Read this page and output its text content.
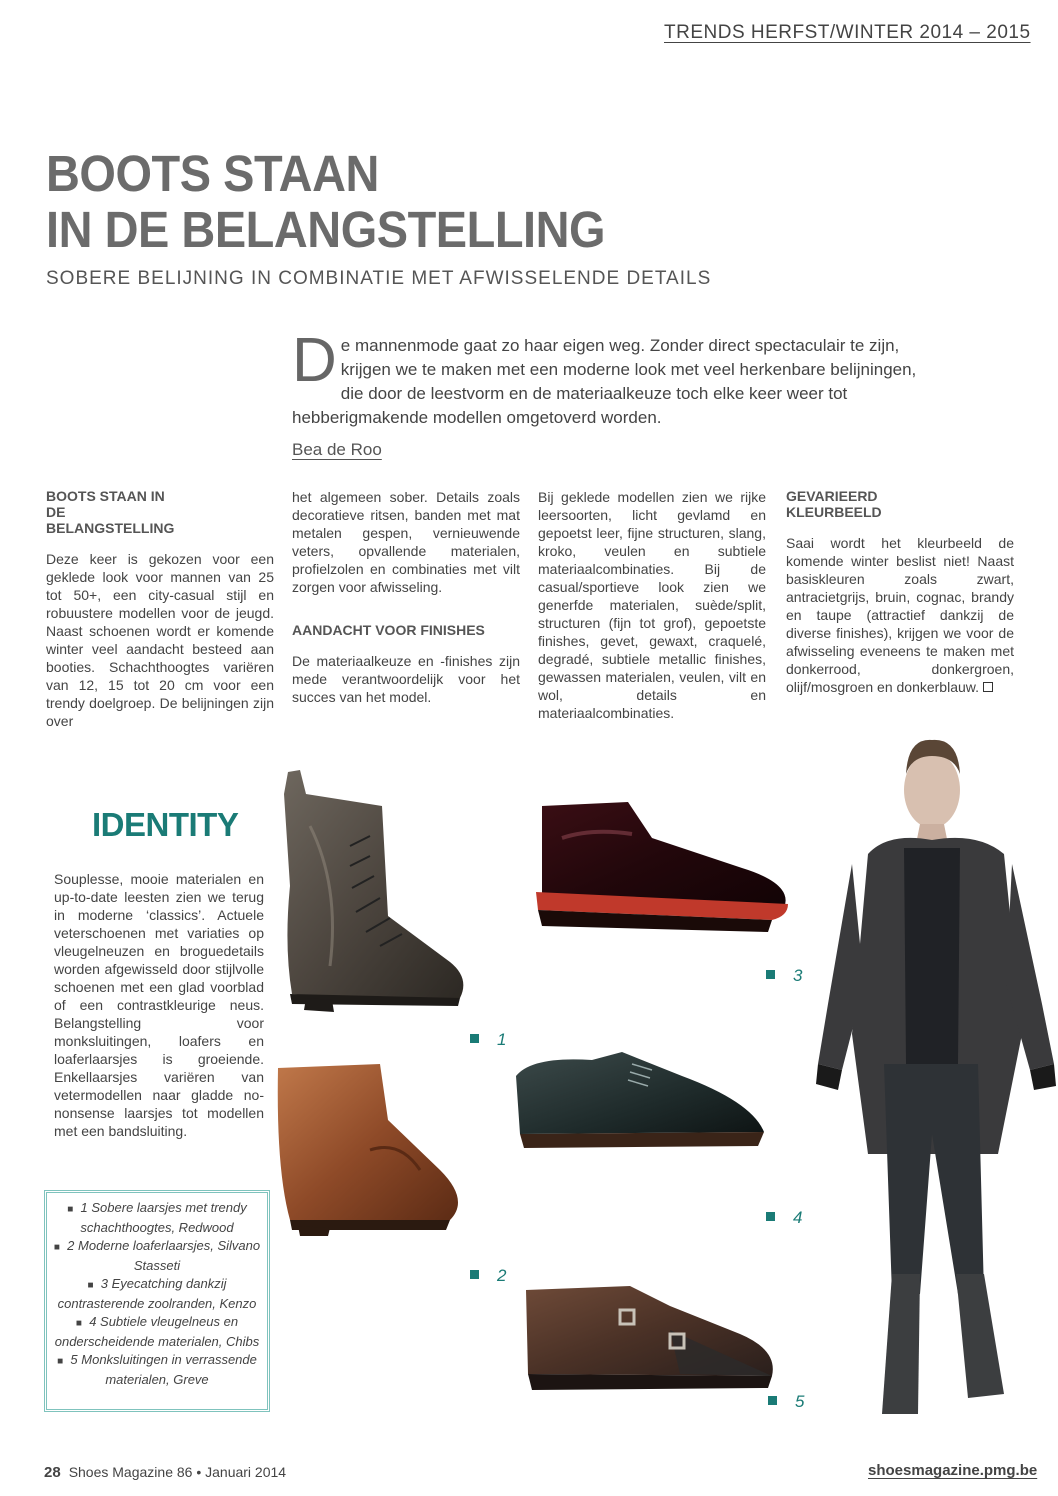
TRENDS HERFST/WINTER 2014 – 2015
BOOTS STAAN
IN DE BELANGSTELLING
SOBERE BELIJNING IN COMBINATIE MET AFWISSELENDE DETAILS
D e mannenmode gaat zo haar eigen weg. Zonder direct spectaculair te zijn, krijgen we te maken met een moderne look met veel herkenbare belijningen, die door de leestvorm en de materiaalkeuze toch elke keer weer tot hebberigmakende modellen omgetoverd worden.
Bea de Roo
BOOTS STAAN IN DE BELANGSTELLING

Deze keer is gekozen voor een geklede look voor mannen van 25 tot 50+, een city-casual stijl en robuustere modellen voor de jeugd. Naast schoenen wordt er komende winter veel aandacht besteed aan booties. Schachthoogtes variëren van 12, 15 tot 20 cm voor een trendy doelgroep. De belijningen zijn over

het algemeen sober. Details zoals decoratieve ritsen, banden met mat metalen gespen, vernieuwende veters, opvallende materialen, profielzolen en combinaties met vilt zorgen voor afwisseling.

AANDACHT VOOR FINISHES

De materiaalkeuze en -finishes zijn mede verantwoordelijk voor het succes van het model.

Bij geklede modellen zien we rijke leersoorten, licht gevlamd en gepoetst leer, fijne structuren, slang, kroko, veulen en subtiele materiaalcombinaties. Bij de casual/sportieve look zien we generfde materialen, suède/split, structuren (fijn tot grof), gepoetste finishes, gevet, gewaxt, craquelé, degradé, subtiele metallic finishes, gewassen materialen, veulen, vilt en wol, details en materiaalcombinaties.

GEVARIEERD KLEURBEELD

Saai wordt het kleurbeeld de komende winter beslist niet! Naast basiskleuren zoals zwart, antracietgrijs, bruin, cognac, brandy en taupe (attractief dankzij de diverse finishes), krijgen we voor de afwisseling eveneens te maken met donkerrood, donkergroen, olijf/mosgroen en donkerblauw.

IDENTITY
Souplesse, mooie materialen en up-to-date leesten zien we terug in moderne ‘classics’. Actuele veterschoenen met variaties op vleugelneuzen en broguedetails worden afgewisseld door stijlvolle schoenen met een glad voorblad of een contrastkleurige neus. Belangstelling voor monksluitingen, loafers en loaferlaarsjes is groeiende. Enkellaarsjes variëren van vetermodellen naar gladde no-nonsense laarsjes tot modellen met een bandsluiting.
■ 1 Sobere laarsjes met trendy schachthoogtes, Redwood
■ 2 Moderne loaferlaarsjes, Silvano Stasseti
■ 3 Eyecatching dankzij contrasterende zoolranden, Kenzo
■ 4 Subtiele vleugelneus en onderscheidende materialen, Chibs
■ 5 Monksluitingen in verrassende materialen, Greve
1
2
3
4
5
28 Shoes Magazine 86 • Januari 2014	shoesmagazine.pmg.be
